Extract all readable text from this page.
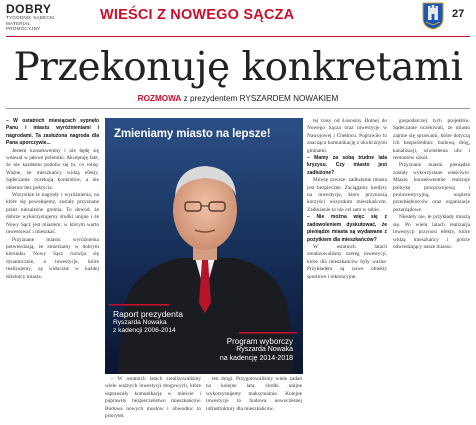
DOBRY
TYGODNIK SĄDECKI
MATERIAŁ PROMOCYJNY
WIEŚCI Z NOWEGO SĄCZA	27
Przekonuję konkretami
ROZMOWA z prezydentem RYSZARDEM NOWAKIEM

– W ostatnich miesiącach sypnęło Panu i miastu wyróżnieniami i nagrodami. Ta zasłużona nagroda dla Pana uporczywie...

Jestem konsekwentny i nie będę się wdawał w jałowe polemiki. Akceptuję fakt, że nie każdemu podoba się to, co robię. Ważne, że mieszkańcy widzą efekty. Sądeczanie oczekują konkretów, a nie obietnic bez pokrycia.

Wszystkie te nagrody i wyróżnienia, na które się powołujemy, zostały przyznane przez niezależne gremia. To dowód, że dobrze wykorzystujemy środki unijne i że Nowy Sącz jest miastem, w którym warto inwestować i mieszkać.

Przyznane miastu wyróżnienia potwierdzają, że zmierzamy w dobrym kierunku. Nowy Sącz rozwija się dynamicznie, a inwestycje, które realizujemy, są widoczne w każdej dzielnicy miasta.

Zmieniamy miasto na lepsze!
Raport prezydenta
Ryszarda Nowaka
z kadencji 2006-2014
Program wyborczy
Ryszarda Nowaka
na kadencję 2014-2018

– W ostatnich latach zrealizowaliśmy wiele ważnych inwestycji drogowych, które usprawniły komunikację w mieście i poprawiły bezpieczeństwo mieszkańców. Budowa nowych mostów i obwodnic to priorytet.

ten drogi. Przygotowaliśmy wiele zadań na kolejne lata, środki unijne wykorzystujemy maksymalnie. Kolejne inwestycje to budowa nowoczesnej infrastruktury dla mieszkańców.

tej trasy od Łososiny Dolnej do Nowego Sącza oraz inwestycje w Nawojowej i Chełmcu. Poprawiło to znacząco komunikację z okolicznymi gminami.

– Mamy za sobą trudne lata kryzysu. Czy miasto jest zadłużone?

Mówię zawsze: zadłużenie miasta jest bezpieczne. Zaciągamy kredyty na inwestycje, które przynoszą korzyści wszystkim mieszkańcom. Zadłużenie to nie cel sam w sobie.

– Nie można więc się z zadowoleniem dyskutować, że pieniądze miasta są wydawane z pożytkiem dla mieszkańców?

W ostatnich latach zrealizowaliśmy szereg inwestycji, które dla mieszkańców były ważne. Przykładem są nowe obiekty sportowe i rekreacyjne.

gospodarczej tych projektów. Sądeczanie oczekiwali, że miasto zajmie się sprawami, które dotyczą ich bezpośrednio: budową dróg, kanalizacji, oświetlenia ulic i remontów szkół.

Przyznane miastu pieniądze zostały wykorzystane właściwie. Miasto konsekwentnie realizuje politykę prorozwojową i proinwestycyjną, wspiera przedsiębiorców oraz organizacje pozarządowe.

Niestety nie, te przykłady mnożą się. Po wielu latach realizacja inwestycji przynosi efekty, które widzą mieszkańcy i goście odwiedzający nasze miasto.
